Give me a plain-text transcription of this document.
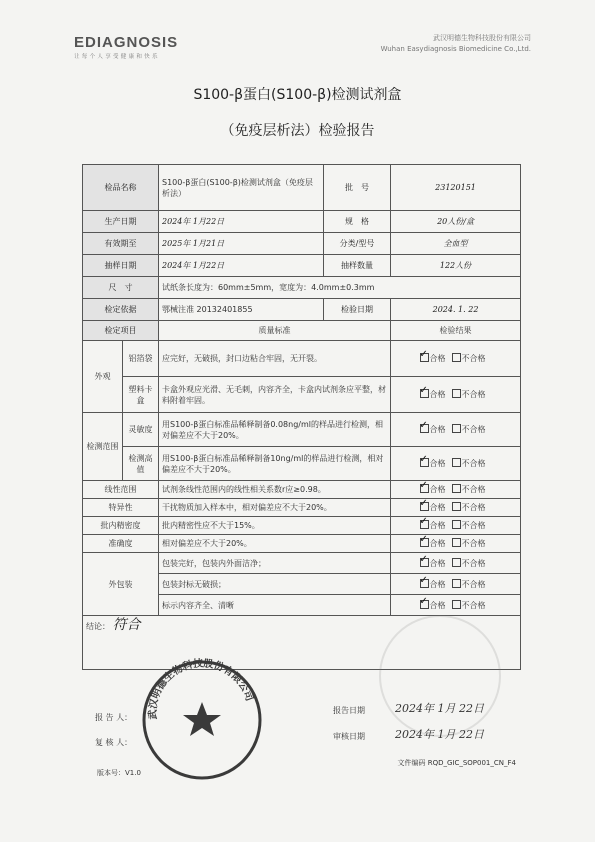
EDIAGNOSIS
让每个人享受健康和快乐
武汉明德生物科技股份有限公司
Wuhan Easydiagnosis Biomedicine Co.,Ltd.
S100-β蛋白(S100-β)检测试剂盒
（免疫层析法）检验报告
检品名称		S100-β蛋白(S100-β)检测试剂盒（免疫层析法）	批　号	23120151
生产日期		2024年 1月22日	规　格	20人份/盒
有效期至		2025年 1月21日	分类/型号	全血型
抽样日期		2024年 1月22日	抽样数量	122人份
尺　寸		试纸条长度为：60mm±5mm，宽度为：4.0mm±0.3mm		
检定依据		鄂械注准 20132401855	检验日期	2024. 1. 22
检定项目		质量标准		检验结果
外观	铝箔袋	应完好，无破损，封口边粘合牢固，无开裂。	✓合格 不合格
	塑料卡盒	卡盒外观应光滑、无毛刺，内容齐全，卡盒内试剂条应平整，材料附着牢固。	✓合格 不合格
检测范围	灵敏度	用S100-β蛋白标准品稀释制备0.08ng/ml的样品进行检测，相对偏差应不大于20%。	✓合格 不合格
	检测高值	用S100-β蛋白标准品稀释制备10ng/ml的样品进行检测，相对偏差应不大于20%。	✓合格 不合格
线性范围		试剂条线性范围内的线性相关系数r应≥0.98。	✓合格 不合格
特异性		干扰物质加入样本中，相对偏差应不大于20%。	✓合格 不合格
批内精密度		批内精密性应不大于15%。	✓合格 不合格
准确度		相对偏差应不大于20%。	✓合格 不合格
外包装		包装完好，包装内外面洁净；	✓合格 不合格
		包装封标无破损；	✓合格 不合格
		标示内容齐全、清晰	✓合格 不合格
结论： 符合				
武汉明德生物科技股份有限公司
报 告 人：
复 核 人：
报告日期	2024年 1月 22日
审核日期	2024年 1月 22日
版本号：V1.0
文件编码 RQD_GIC_SOP001_CN_F4
